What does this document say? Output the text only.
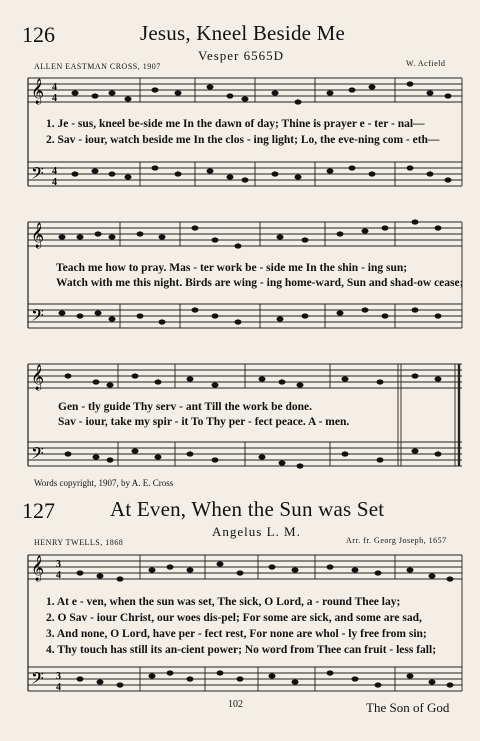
126	Jesus, Kneel Beside Me
Vesper 6565D
ALLEN EASTMAN CROSS, 1907	W. Acfield
𝄞
𝄢
4
4
4
4
1. Je - sus, kneel be-side me In the dawn of day; Thine is prayer e - ter - nal—
2. Sav - iour, watch beside me In the clos - ing light; Lo, the eve-ning com - eth—
𝄞
𝄢
Teach me how to pray. Mas - ter work be - side me In the shin - ing sun;
Watch with me this night. Birds are wing - ing home-ward, Sun and shad-ow cease;
𝄞
𝄢
Gen - tly guide Thy serv - ant Till the work be done.
Sav - iour, take my spir - it To Thy per - fect peace. A - men.
Words copyright, 1907, by A. E. Cross
127	At Even, When the Sun was Set
Angelus L. M.
HENRY TWELLS, 1868	Arr. fr. Georg Joseph, 1657
𝄞
𝄢
3
4
3
4
1. At e - ven, when the sun was set, The sick, O Lord, a - round Thee lay;
2. O Sav - iour Christ, our woes dis-pel; For some are sick, and some are sad,
3. And none, O Lord, have per - fect rest, For none are whol - ly free from sin;
4. Thy touch has still its an-cient power; No word from Thee can fruit - less fall;
102	The Son of God
